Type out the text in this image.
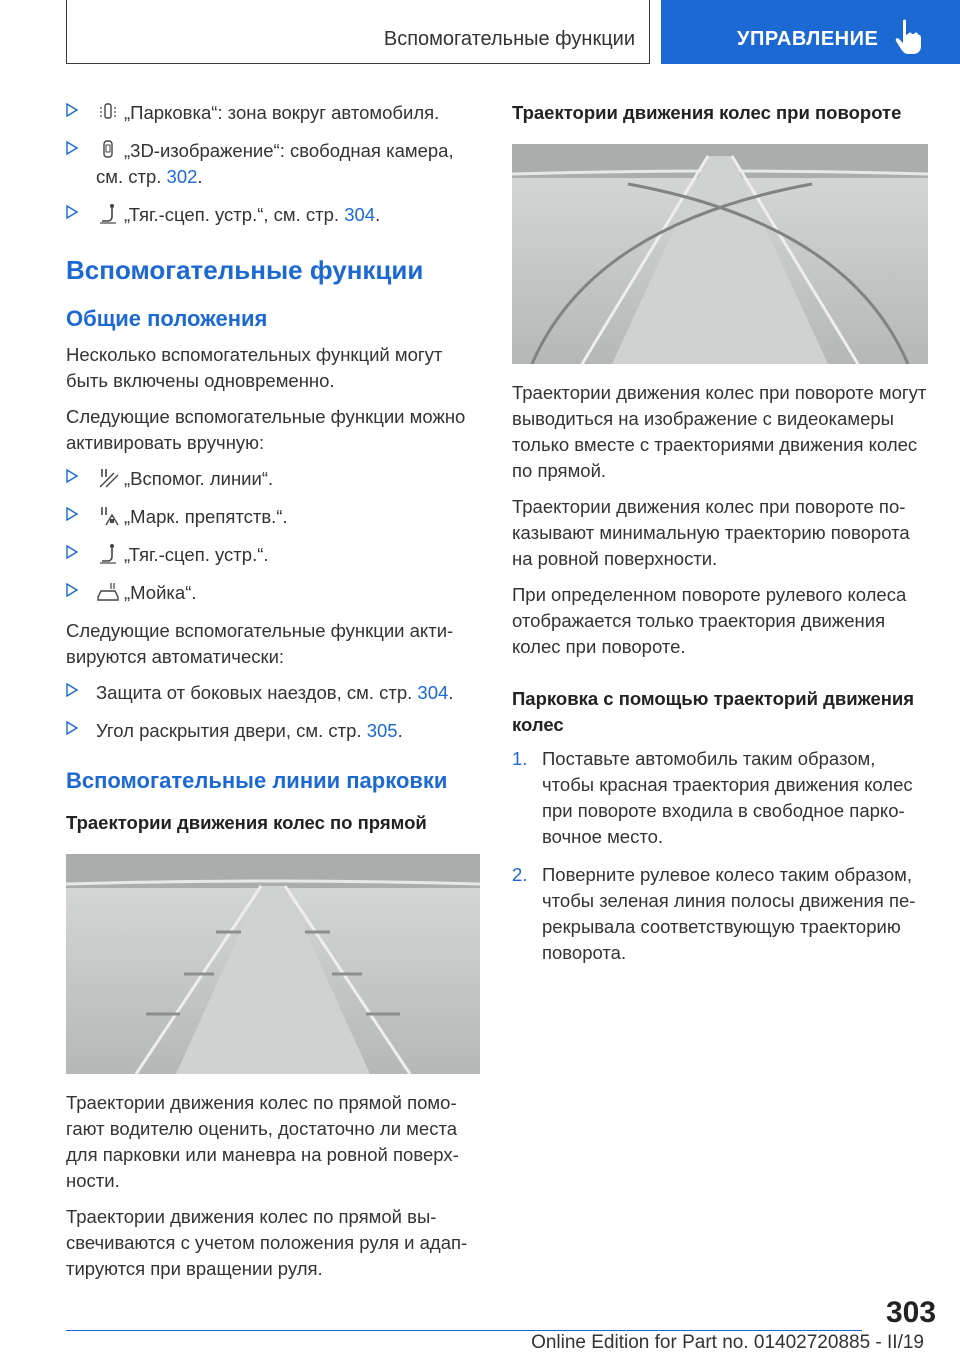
Вспомогательные функции	УПРАВЛЕНИЕ
„Парковка“: зона вокруг автомобиля.
„3D-изображение“: свободная камера, см. стр. 302.
„Тяг.-сцеп. устр.“, см. стр. 304.
Вспомогательные функции
Общие положения

Несколько вспомогательных функций могут быть включены одновременно.

Следующие вспомогательные функции можно активировать вручную:

„Вспомог. линии“.
„Марк. препятств.“.
„Тяг.-сцеп. устр.“.
„Мойка“.

Следующие вспомогательные функции активируются автоматически:

Защита от боковых наездов, см. стр. 304.
Угол раскрытия двери, см. стр. 305.
Вспомогательные линии парковки
Траектории движения колес по прямой

Траектории движения колес по прямой помогают водителю оценить, достаточно ли места для парковки или маневра на ровной поверхности.

Траектории движения колес по прямой высвечиваются с учетом положения руля и адаптируются при вращении руля.

Траектории движения колес при повороте

Траектории движения колес при повороте могут выводиться на изображение с видеокамеры только вместе с траекториями движения колес по прямой.

Траектории движения колес при повороте показывают минимальную траекторию поворота на ровной поверхности.

При определенном повороте рулевого колеса отображается только траектория движения колес при повороте.

Парковка с помощью траекторий движения колес
1. Поставьте автомобиль таким образом, чтобы красная траектория движения колес при повороте входила в свободное парковочное место.
2. Поверните рулевое колесо таким образом, чтобы зеленая линия полосы движения перекрывала соответствующую траекторию поворота.
303
Online Edition for Part no. 01402720885 - II/19
